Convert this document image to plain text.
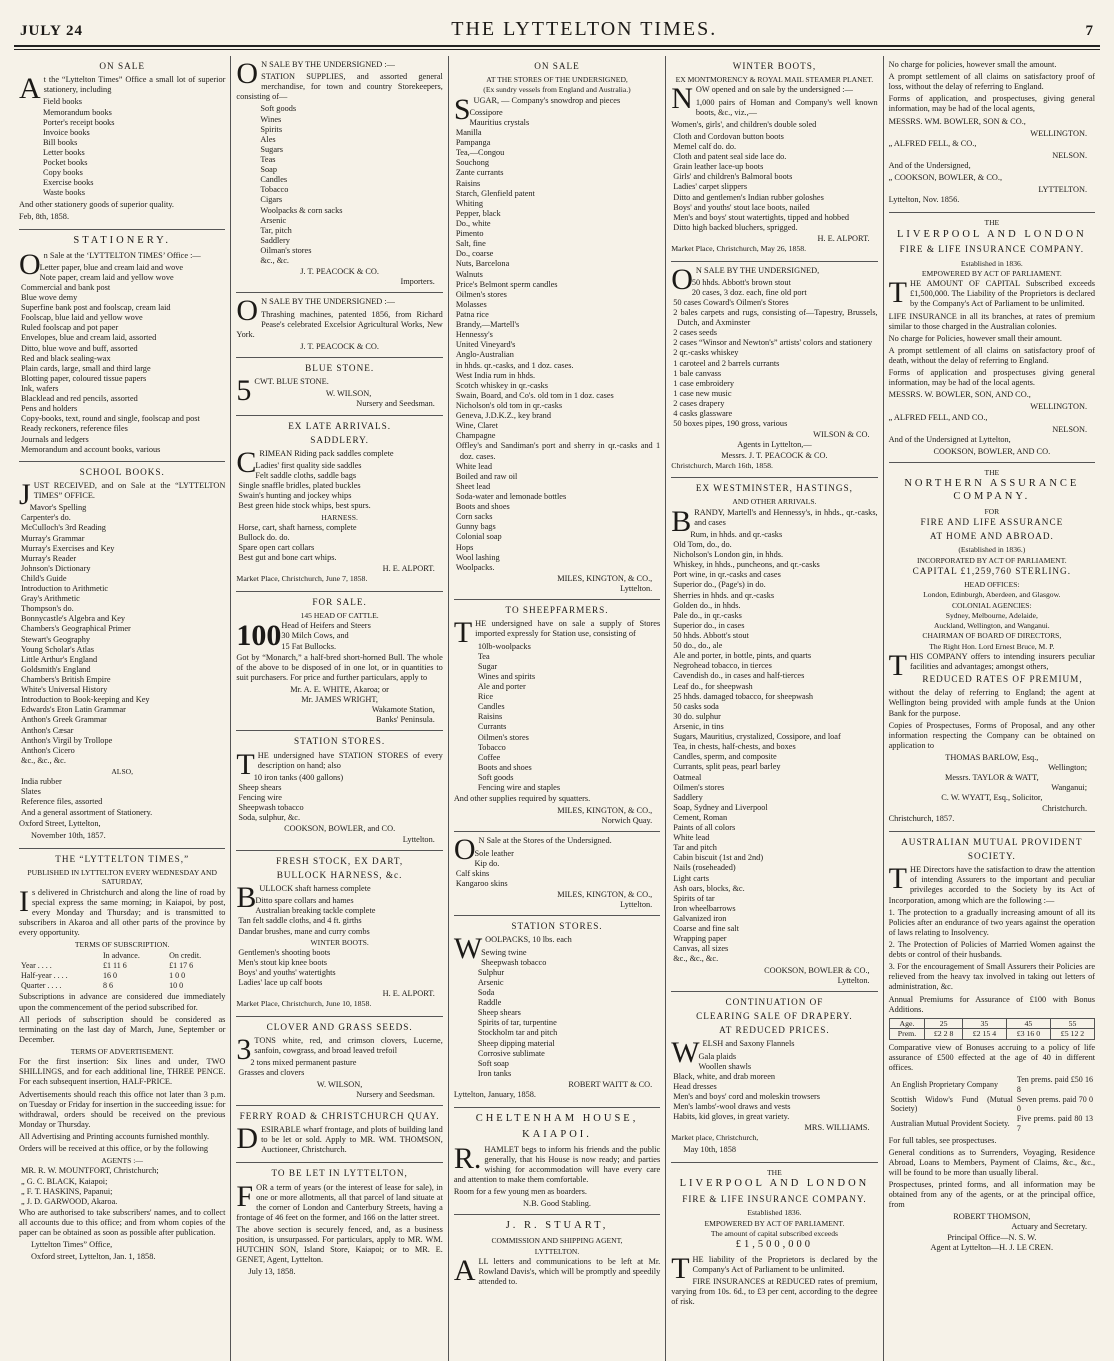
JULY 24	THE LYTTELTON TIMES.	7
ON SALE

At the “Lyttelton Times” Office a small lot of superior stationery, including

Field books
Memorandum books
Porter's receipt books
Invoice books
Bill books
Letter books
Pocket books
Copy books
Exercise books
Waste books

And other stationery goods of superior quality.

Feb, 8th, 1858.

STATIONERY.

On Sale at the ‘LYTTELTON TIMES’ Office :—

Letter paper, blue and cream laid and wove
Note paper, cream laid and yellow wove
Commercial and bank post
Blue wove demy
Superfine bank post and foolscap, cream laid
Foolscap, blue laid and yellow wove
Ruled foolscap and pot paper
Envelopes, blue and cream laid, assorted
Ditto, blue wove and buff, assorted
Red and black sealing-wax
Plain cards, large, small and third large
Blotting paper, coloured tissue papers
Ink, wafers
Blacklead and red pencils, assorted
Pens and holders
Copy-books, text, round and single, foolscap and post
Ready reckoners, reference files
Journals and ledgers
Memorandum and account books, various
SCHOOL BOOKS.

JUST RECEIVED, and on Sale at the “LYTTELTON TIMES” OFFICE.

Mavor's Spelling
Carpenter's do.
McCulloch's 3rd Reading
Murray's Grammar
Murray's Exercises and Key
Murray's Reader
Johnson's Dictionary
Child's Guide
Introduction to Arithmetic
Gray's Arithmetic
Thompson's do.
Bonnycastle's Algebra and Key
Chambers's Geographical Primer
Stewart's Geography
Young Scholar's Atlas
Little Arthur's England
Goldsmith's England
Chambers's British Empire
White's Universal History
Introduction to Book-keeping and Key
Edwards's Eton Latin Grammar
Anthon's Greek Grammar
Anthon's Cæsar
Anthon's Virgil by Trollope
Anthon's Cicero
&c., &c., &c.
ALSO,
India rubber
Slates
Reference files, assorted
And a general assortment of Stationery.

Oxford Street, Lyttelton,

November 10th, 1857.

THE “LYTTELTON TIMES,”
PUBLISHED IN LYTTELTON EVERY WEDNESDAY AND SATURDAY,

Is delivered in Christchurch and along the line of road by special express the same morning; in Kaiapoi, by post, every Monday and Thursday; and is transmitted to subscribers in Akaroa and all other parts of the province by every opportunity.

TERMS OF SUBSCRIPTION.
	In advance.	On credit.
Year . . . .	£1 11 6	£1 17 6
Half-year . . . .	16 0	1 0 0
Quarter . . . .	8 6	10 0

Subscriptions in advance are considered due immediately upon the commencement of the period subscribed for.

All periods of subscription should be considered as terminating on the last day of March, June, September or December.

TERMS OF ADVERTISEMENT.

For the first insertion: Six lines and under, TWO SHILLINGS, and for each additional line, THREE PENCE. For each subsequent insertion, HALF-PRICE.

Advertisements should reach this office not later than 3 p.m. on Tuesday or Friday for insertion in the succeeding issue: for withdrawal, orders should be received on the previous Monday or Thursday.

All Advertising and Printing accounts furnished monthly.

Orders will be received at this office, or by the following

AGENTS :—
MR. R. W. MOUNTFORT, Christchurch;
„ G. C. BLACK, Kaiapoi;
„ F. T. HASKINS, Papanui;
„ J. D. GARWOOD, Akaroa.

Who are authorised to take subscribers' names, and to collect all accounts due to this office; and from whom copies of the paper can be obtained as soon as possible after publication.

Lyttelton Times” Office,

Oxford street, Lyttelton, Jan. 1, 1858.

ON SALE BY THE UNDERSIGNED :—

STATION SUPPLIES, and assorted general merchandise, for town and country Storekeepers, consisting of—

Soft goods
Wines
Spirits
Ales
Sugars
Teas
Soap
Candles
Tobacco
Cigars
Woolpacks & corn sacks
Arsenic
Tar, pitch
Saddlery
Oilman's stores
&c., &c.
J. T. PEACOCK & CO.
Importers.

ON SALE BY THE UNDERSIGNED :—

Thrashing machines, patented 1856, from Richard Pease's celebrated Excelsior Agricultural Works, New York.

J. T. PEACOCK & CO.
BLUE STONE.

5CWT. BLUE STONE.

W. WILSON,
Nursery and Seedsman.
EX LATE ARRIVALS.
SADDLERY.

CRIMEAN Riding pack saddles complete

Ladies' first quality side saddles
Felt saddle cloths, saddle bags
Single snaffle bridles, plated buckles
Swain's hunting and jockey whips
Best green hide stock whips, best spurs.
HARNESS.
Horse, cart, shaft harness, complete
Bullock do. do.
Spare open cart collars
Best gut and bone cart whips.
H. E. ALPORT.

Market Place, Christchurch, June 7, 1858.

FOR SALE.
145 HEAD OF CATTLE.
100 Head of Heifers and Steers
30 Milch Cows, and
15 Fat Bullocks.

Got by “Monarch,” a half-bred short-horned Bull. The whole of the above to be disposed of in one lot, or in quantities to suit purchasers. For price and further particulars, apply to

Mr. A. E. WHITE, Akaroa; or
Mr. JAMES WRIGHT,
Wakamote Station,
Banks' Peninsula.
STATION STORES.

THE undersigned have STATION STORES of every description on hand; also

10 iron tanks (400 gallons)
Sheep shears
Fencing wire
Sheepwash tobacco
Soda, sulphur, &c.
COOKSON, BOWLER, and CO.
Lyttelton.
FRESH STOCK, EX DART,
BULLOCK HARNESS, &c.

BULLOCK shaft harness complete

Ditto spare collars and hames
Australian breaking tackle complete
Tan felt saddle cloths, and 4 ft. girths
Dandar brushes, mane and curry combs
WINTER BOOTS.
Gentlemen's shooting boots
Men's stout kip knee boots
Boys' and youths' watertights
Ladies' lace up calf boots
H. E. ALPORT.

Market Place, Christchurch, June 10, 1858.

CLOVER AND GRASS SEEDS.

3TONS white, red, and crimson clovers, Lucerne, sanfoin, cowgrass, and broad leaved trefoil

2 tons mixed permanent pasture
Grasses and clovers
W. WILSON,
Nursery and Seedsman.
FERRY ROAD & CHRISTCHURCH QUAY.

DESIRABLE wharf frontage, and plots of building land to be let or sold. Apply to MR. WM. THOMSON, Auctioneer, Christchurch.

TO BE LET IN LYTTELTON,

FOR a term of years (or the interest of lease for sale), in one or more allotments, all that parcel of land situate at the corner of London and Canterbury Streets, having a frontage of 46 feet on the former, and 166 on the latter street.

The above section is securely fenced, and, as a business position, is unsurpassed. For particulars, apply to MR. WM. HUTCHIN SON, Island Store, Kaiapoi; or to MR. E. GENET, Agent, Lyttelton.

July 13, 1858.

ON SALE
AT THE STORES OF THE UNDERSIGNED,
(Ex sundry vessels from England and Australia.)

SUGAR, — Company's snowdrop and pieces

Cossipore
Mauritius crystals
Manilla
Pampanga
Tea,—Congou
Souchong
Zante currants
Raisins
Starch, Glenfield patent
Whiting
Pepper, black
Do., white
Pimento
Salt, fine
Do., coarse
Nuts, Barcelona
Walnuts
Price's Belmont sperm candles
Oilmen's stores
Molasses
Patna rice
Brandy,—Martell's
Hennessy's
United Vineyard's
Anglo-Australian
in hhds. qr.-casks, and 1 doz. cases.
West India rum in hhds.
Scotch whiskey in qr.-casks
Swain, Board, and Co's. old tom in 1 doz. cases
Nicholson's old tom in qr.-casks
Geneva, J.D.K.Z., key brand
Wine, Claret
Champagne
Offley's and Sandiman's port and sherry in qr.-casks and 1 doz. cases.
White lead
Boiled and raw oil
Sheet lead
Soda-water and lemonade bottles
Boots and shoes
Corn sacks
Gunny bags
Colonial soap
Hops
Wool lashing
Woolpacks.
MILES, KINGTON, & CO.,
Lyttelton.
TO SHEEPFARMERS.

THE undersigned have on sale a supply of Stores imported expressly for Station use, consisting of

10lb-woolpacks
Tea
Sugar
Wines and spirits
Ale and porter
Rice
Candles
Raisins
Currants
Oilmen's stores
Tobacco
Coffee
Boots and shoes
Soft goods
Fencing wire and staples

And other supplies required by squatters.

MILES, KINGTON, & CO.,
Norwich Quay.

ON Sale at the Stores of the Undersigned.

Sole leather
Kip do.
Calf skins
Kangaroo skins
MILES, KINGTON, & CO.,
Lyttelton.
STATION STORES.

WOOLPACKS, 10 lbs. each

Sewing twine
Sheepwash tobacco
Sulphur
Arsenic
Soda
Raddle
Sheep shears
Spirits of tar, turpentine
Stockholm tar and pitch
Sheep dipping material
Corrosive sublimate
Soft soap
Iron tanks
ROBERT WAITT & CO.

Lyttelton, January, 1858.

CHELTENHAM HOUSE,
KAIAPOI.

R.HAMLET begs to inform his friends and the public generally, that his House is now ready; and parties wishing for accommodation will have every care and attention to make them comfortable.

Room for a few young men as boarders.

N.B. Good Stabling.
J. R. STUART,
COMMISSION AND SHIPPING AGENT,
LYTTELTON.

ALL letters and communications to be left at Mr. Rowland Davis's, which will be promptly and speedily attended to.

WINTER BOOTS,
EX MONTMORENCY & ROYAL MAIL STEAMER PLANET.

NOW opened and on sale by the undersigned :—

1,000 pairs of Homan and Company's well known boots, &c., viz.,—

Women's, girls', and children's double soled

Cloth and Cordovan button boots
Memel calf do. do.
Cloth and patent seal side lace do.
Grain leather lace-up boots
Girls' and children's Balmoral boots
Ladies' carpet slippers
Ditto and gentlemen's Indian rubber goloshes
Boys' and youths' stout lace boots, nailed
Men's and boys' stout watertights, tipped and hobbed
Ditto high backed bluchers, sprigged.
H. E. ALPORT.

Market Place, Christchurch, May 26, 1858.

ON SALE BY THE UNDERSIGNED,

50 hhds. Abbott's brown stout
20 cases, 3 doz. each, fine old port
50 cases Coward's Oilmen's Stores
2 bales carpets and rugs, consisting of—Tapestry, Brussels, Dutch, and Axminster
2 cases seeds
2 cases “Winsor and Newton's” artists' colors and stationery
2 qr.-casks whiskey
1 caroteel and 2 barrels currants
1 bale canvass
1 case embroidery
1 case new music
2 cases drapery
4 casks glassware
50 boxes pipes, 190 gross, various
WILSON & CO.
Agents in Lyttelton,—
Messrs. J. T. PEACOCK & CO.

Christchurch, March 16th, 1858.

EX WESTMINSTER, HASTINGS,
AND OTHER ARRIVALS.

BRANDY, Martell's and Hennessy's, in hhds., qr.-casks, and cases

Rum, in hhds. and qr.-casks
Old Tom, do., do.
Nicholson's London gin, in hhds.
Whiskey, in hhds., puncheons, and qr.-casks
Port wine, in qr.-casks and cases
Superior do., (Page's) in do.
Sherries in hhds. and qr.-casks
Golden do., in hhds.
Pale do., in qr.-casks
Superior do., in cases
50 hhds. Abbott's stout
50 do., do., ale
Ale and porter, in bottle, pints, and quarts
Negrohead tobacco, in tierces
Cavendish do., in cases and half-tierces
Leaf do., for sheepwash
25 hhds. damaged tobacco, for sheepwash
50 casks soda
30 do. sulphur
Arsenic, in tins
Sugars, Mauritius, crystalized, Cossipore, and loaf
Tea, in chests, half-chests, and boxes
Candles, sperm, and composite
Currants, split peas, pearl barley
Oatmeal
Oilmen's stores
Saddlery
Soap, Sydney and Liverpool
Cement, Roman
Paints of all colors
White lead
Tar and pitch
Cabin biscuit (1st and 2nd)
Nails (roseheaded)
Light carts
Ash oars, blocks, &c.
Spirits of tar
Iron wheelbarrows
Galvanized iron
Coarse and fine salt
Wrapping paper
Canvas, all sizes
&c., &c., &c.
COOKSON, BOWLER & CO.,
Lyttelton.
CONTINUATION OF
CLEARING SALE OF DRAPERY.
AT REDUCED PRICES.

WELSH and Saxony Flannels

Gala plaids
Woollen shawls
Black, white, and drab moreen
Head dresses
Men's and boys' cord and moleskin trowsers
Men's lambs'-wool draws and vests
Habits, kid gloves, in great variety.
MRS. WILLIAMS.

Market place, Christchurch,

May 10th, 1858

THE
LIVERPOOL AND LONDON
FIRE & LIFE INSURANCE COMPANY.
Established 1836.
EMPOWERED BY ACT OF PARLIAMENT.
The amount of capital subscribed exceeds
£1,500,000

THE liability of the Proprietors is declared by the Company's Act of Parliament to be unlimited.

FIRE INSURANCES at REDUCED rates of premium, varying from 10s. 6d., to £3 per cent, according to the degree of risk.

No charge for policies, however small the amount.

A prompt settlement of all claims on satisfactory proof of loss, without the delay of referring to England.

Forms of application, and prospectuses, giving general information, may be had of the local agents,

MESSRS. WM. BOWLER, SON & CO.,

WELLINGTON.

„ ALFRED FELL, & CO.,

NELSON.

And of the Undersigned,

„ COOKSON, BOWLER, & CO.,

LYTTELTON.

Lyttelton, Nov. 1856.

THE
LIVERPOOL AND LONDON
FIRE & LIFE INSURANCE COMPANY.
Established in 1836.
EMPOWERED BY ACT OF PARLIAMENT.

THE AMOUNT OF CAPITAL Subscribed exceeds £1,500,000. The Liability of the Proprietors is declared by the Company's Act of Parliament to be unlimited.

LIFE INSURANCE in all its branches, at rates of premium similar to those charged in the Australian colonies.

No charge for Policies, however small their amount.

A prompt settlement of all claims on satisfactory proof of death, without the delay of referring to England.

Forms of application and prospectuses giving general information, may be had of the local agents.

MESSRS. W. BOWLER, SON, AND CO.,

WELLINGTON.

„ ALFRED FELL, AND CO.,

NELSON.

And of the Undersigned at Lyttelton,

COOKSON, BOWLER, AND CO.
THE
NORTHERN ASSURANCE COMPANY.
FOR
FIRE AND LIFE ASSURANCE
AT HOME AND ABROAD.
(Established in 1836.)
INCORPORATED BY ACT OF PARLIAMENT.
CAPITAL £1,259,760 STERLING.
HEAD OFFICES:
London, Edinburgh, Aberdeen, and Glasgow.
COLONIAL AGENCIES:
Sydney, Melbourne, Adelaide,
Auckland, Wellington, and Wanganui.
CHAIRMAN OF BOARD OF DIRECTORS,
The Right Hon. Lord Ernest Bruce, M. P.

THIS COMPANY offers to intending insurers peculiar facilities and advantages; amongst others,

REDUCED RATES OF PREMIUM,

without the delay of referring to England; the agent at Wellington being provided with ample funds at the Union Bank for the purpose.

Copies of Prospectuses, Forms of Proposal, and any other information respecting the Company can be obtained on application to

THOMAS BARLOW, Esq.,
Wellington;
Messrs. TAYLOR & WATT,
Wanganui;
C. W. WYATT, Esq., Solicitor,
Christchurch.

Christchurch, 1857.

AUSTRALIAN MUTUAL PROVIDENT
SOCIETY.

THE Directors have the satisfaction to draw the attention of intending Assurers to the important and peculiar privileges accorded to the Society by its Act of Incorporation, among which are the following :—

1. The protection to a gradually increasing amount of all its Policies after an endurance of two years against the operation of laws relating to Insolvency.

2. The Protection of Policies of Married Women against the debts or control of their husbands.

3. For the encouragement of Small Assurers their Policies are relieved from the heavy tax involved in taking out letters of administration, &c.

Annual Premiums for Assurance of £100 with Bonus Additions.

Age.	25	35	45	55
Prem.	£2 2 8	£2 15 4	£3 16 0	£5 12 2

Comparative view of Bonuses accruing to a policy of life assurance of £500 effected at the age of 40 in different offices.

An English Proprietary Company	Ten prems. paid £50 16 8
Scottish Widow's Fund (Mutual Society)	Seven prems. paid 70 0 0
Australian Mutual Provident Society.	Five prems. paid 80 13 7

For full tables, see prospectuses.

General conditions as to Surrenders, Voyaging, Residence Abroad, Loans to Members, Payment of Claims, &c., &c., will be found to be more than usually liberal.

Prospectuses, printed forms, and all information may be obtained from any of the agents, or at the principal office, from

ROBERT THOMSON,
Actuary and Secretary.
Principal Office—N. S. W.
Agent at Lyttelton—H. J. LE CREN.
